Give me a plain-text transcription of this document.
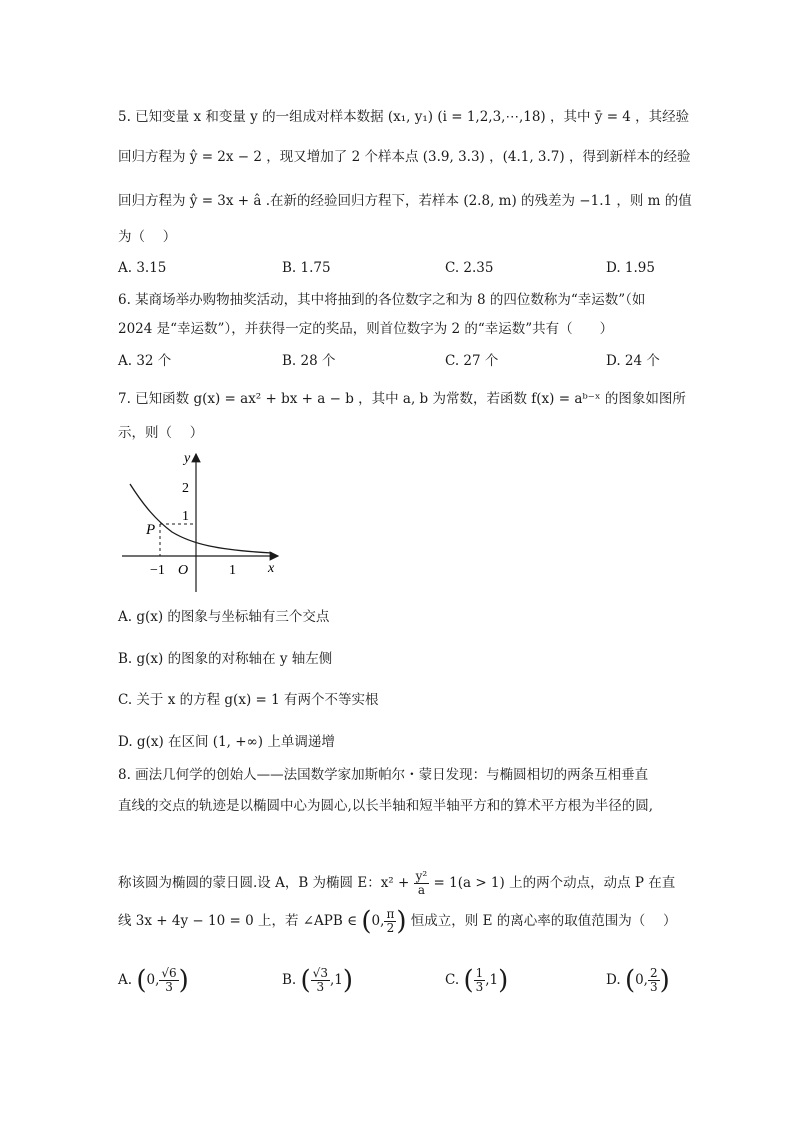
5. 已知变量 x 和变量 y 的一组成对样本数据 (x₁, y₁) (i = 1,2,3,⋯,18) ，其中 ȳ = 4 ，其经验
回归方程为 ŷ = 2x − 2 ，现又增加了 2 个样本点 (3.9, 3.3) ，(4.1, 3.7) ，得到新样本的经验
回归方程为 ŷ = 3x + â .在新的经验回归方程下，若样本 (2.8, m) 的残差为 −1.1 ，则 m 的值
为（　 ）
A. 3.15	B. 1.75	C. 2.35	D. 1.95
6. 某商场举办购物抽奖活动，其中将抽到的各位数字之和为 8 的四位数称为“幸运数”（如
2024 是“幸运数”），并获得一定的奖品，则首位数字为 2 的“幸运数”共有（　　）
A. 32 个	B. 28 个	C. 27 个	D. 24 个
7. 已知函数 g(x) = ax² + bx + a − b ，其中 a, b 为常数，若函数 f(x) = aᵇ⁻ˣ 的图象如图所
示，则（　 ）
y
x
2
1
P
−1 O	1
A. g(x) 的图象与坐标轴有三个交点
B. g(x) 的图象的对称轴在 y 轴左侧
C. 关于 x 的方程 g(x) = 1 有两个不等实根
D. g(x) 在区间 (1, +∞) 上单调递增
8. 画法几何学的创始人——法国数学家加斯帕尔・蒙日发现：与椭圆相切的两条互相垂直
直线的交点的轨迹是以椭圆中心为圆心,以长半轴和短半轴平方和的算术平方根为半径的圆,
称该圆为椭圆的蒙日圆.设 A，B 为椭圆 E：$x^2 + \frac{\text{y²}}{a} = 1(a > 1)$ 上的两个动点，动点 P 在直
线 3x + 4y − 10 = 0 上，若 ∠APB ∈ (0, $\frac{\pi}{2}$ ) 恒成立，则 E 的离心率的取值范围为（　 ）
A. (0, $\frac{√6}{3}$ )	B. ( $\frac{√3}{3} ,1$)	C. ( $\frac{1}{3} ,1$)	D. (0, $\frac{2}{3}$ )
